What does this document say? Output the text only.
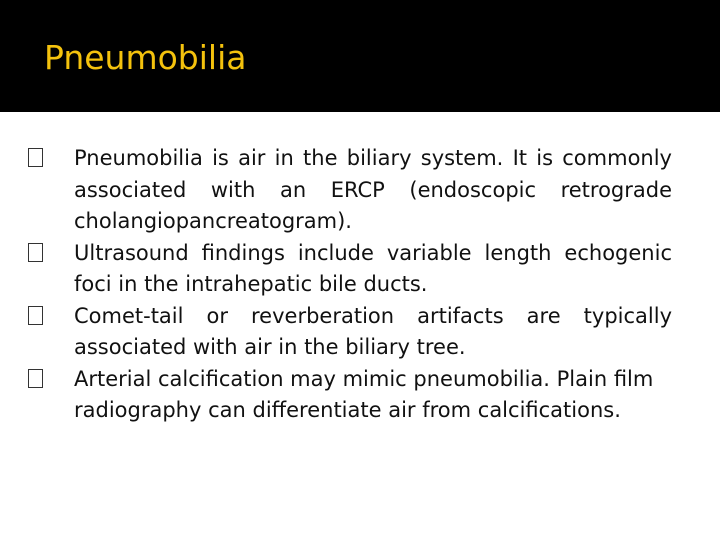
Pneumobilia
Pneumobilia is air in the biliary system. It is commonly associated with an ERCP (endoscopic retrograde cholangiopancreatogram).
Ultrasound findings include variable length echogenic foci in the intrahepatic bile ducts.
Comet-tail or reverberation artifacts are typically associated with air in the biliary tree.
Arterial calcification may mimic pneumobilia. Plain film radiography can differentiate air from calcifications.
